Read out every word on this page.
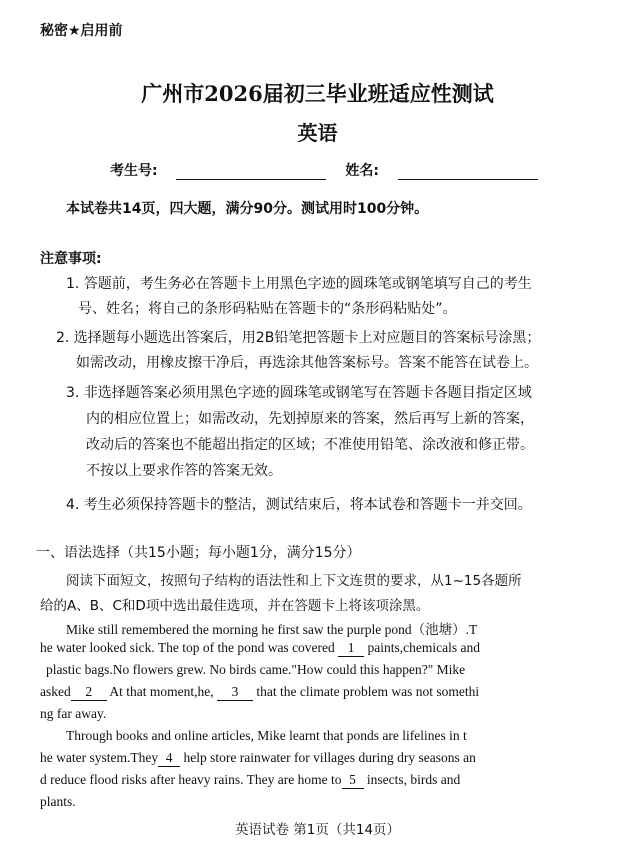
秘密★启用前
广州市2026届初三毕业班适应性测试
英语
考生号:	姓名:
本试卷共14页，四大题，满分90分。测试用时100分钟。
注意事项:
1. 答题前，考生务必在答题卡上用黑色字迹的圆珠笔或钢笔填写自己的考生
号、姓名；将自己的条形码粘贴在答题卡的“条形码粘贴处”。
2. 选择题每小题选出答案后，用2B铅笔把答题卡上对应题目的答案标号涂黑；
如需改动，用橡皮擦干净后，再选涂其他答案标号。答案不能答在试卷上。
3. 非选择题答案必须用黑色字迹的圆珠笔或钢笔写在答题卡各题目指定区域
内的相应位置上；如需改动，先划掉原来的答案，然后再写上新的答案，
改动后的答案也不能超出指定的区域；不准使用铅笔、涂改液和修正带。
不按以上要求作答的答案无效。
4. 考生必须保持答题卡的整洁，测试结束后，将本试卷和答题卡一并交回。
一、语法选择（共15小题；每小题1分，满分15分）
阅读下面短文，按照句子结构的语法性和上下文连贯的要求，从1~15各题所
给的A、B、C和D项中选出最佳选项，并在答题卡上将该项涂黑。
Mike still remembered the morning he first saw the purple pond（池塘）.T
he water looked sick. The top of the pond was covered 1 paints,chemicals and
plastic bags.No flowers grew. No birds came."How could this happen?" Mike
asked 2 At that moment,he, 3 that the climate problem was not somethi
ng far away.
Through books and online articles, Mike learnt that ponds are lifelines in t
he water system.They 4 help store rainwater for villages during dry seasons an
d reduce flood risks after heavy rains. They are home to 5 insects, birds and
plants.
英语试卷 第1页（共14页）
